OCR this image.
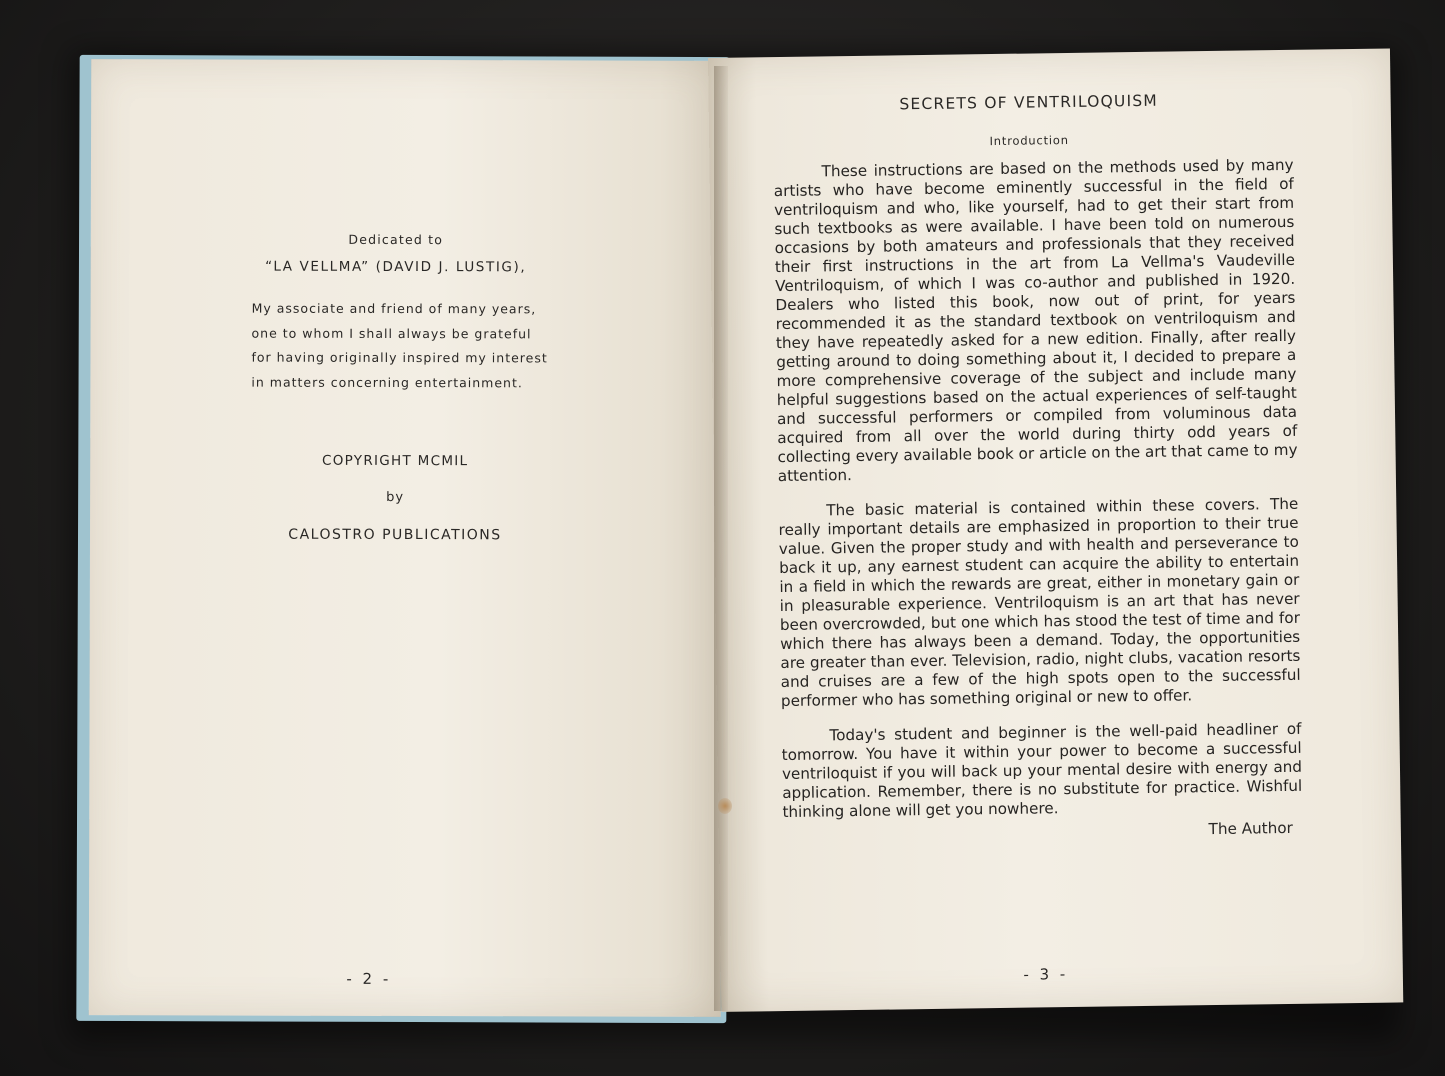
Dedicated to
“LA VELLMA” (DAVID J. LUSTIG),
My associate and friend of many years,
one to whom I shall always be grateful
for having originally inspired my interest
in matters concerning entertainment.
COPYRIGHT MCMIL
by
CALOSTRO PUBLICATIONS
- 2 -
SECRETS OF VENTRILOQUISM
Introduction

These instructions are based on the methods used by many artists who have become eminently successful in the field of ventriloquism and who, like yourself, had to get their start from such textbooks as were available. I have been told on numerous occasions by both amateurs and professionals that they received their first instructions in the art from La Vellma's Vaudeville Ventriloquism, of which I was co-author and published in 1920. Dealers who listed this book, now out of print, for years recommended it as the standard textbook on ventriloquism and they have repeatedly asked for a new edition. Finally, after really getting around to doing something about it, I decided to prepare a more comprehensive coverage of the subject and include many helpful suggestions based on the actual experiences of self-taught and successful performers or compiled from voluminous data acquired from all over the world during thirty odd years of collecting every available book or article on the art that came to my attention.

The basic material is contained within these covers. The really important details are emphasized in proportion to their true value. Given the proper study and with health and perseverance to back it up, any earnest student can acquire the ability to entertain in a field in which the rewards are great, either in monetary gain or in pleasurable experience. Ventriloquism is an art that has never been overcrowded, but one which has stood the test of time and for which there has always been a demand. Today, the opportunities are greater than ever. Television, radio, night clubs, vacation resorts and cruises are a few of the high spots open to the successful performer who has something original or new to offer.

Today's student and beginner is the well-paid headliner of tomorrow. You have it within your power to become a successful ventriloquist if you will back up your mental desire with energy and application. Remember, there is no substitute for practice. Wishful thinking alone will get you nowhere.

The Author
- 3 -
